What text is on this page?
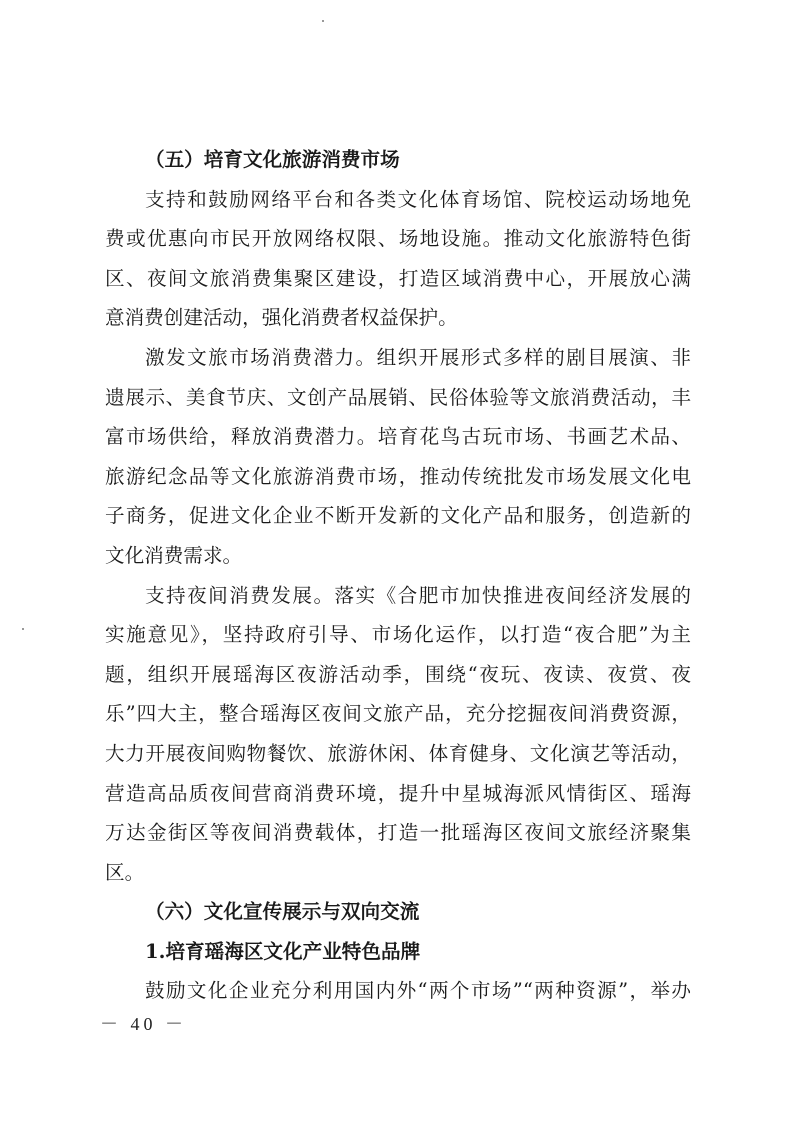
（五）培育文化旅游消费市场
支持和鼓励网络平台和各类文化体育场馆、院校运动场地免
费或优惠向市民开放网络权限、场地设施。推动文化旅游特色街
区、夜间文旅消费集聚区建设，打造区域消费中心，开展放心满
意消费创建活动，强化消费者权益保护。
激发文旅市场消费潜力。组织开展形式多样的剧目展演、非
遗展示、美食节庆、文创产品展销、民俗体验等文旅消费活动，丰
富市场供给，释放消费潜力。培育花鸟古玩市场、书画艺术品、
旅游纪念品等文化旅游消费市场，推动传统批发市场发展文化电
子商务，促进文化企业不断开发新的文化产品和服务，创造新的
文化消费需求。
支持夜间消费发展。落实《合肥市加快推进夜间经济发展的
实施意见》，坚持政府引导、市场化运作，以打造“夜合肥”为主
题，组织开展瑶海区夜游活动季，围绕“夜玩、夜读、夜赏、夜
乐”四大主，整合瑶海区夜间文旅产品，充分挖掘夜间消费资源，
大力开展夜间购物餐饮、旅游休闲、体育健身、文化演艺等活动，
营造高品质夜间营商消费环境，提升中星城海派风情街区、瑶海
万达金街区等夜间消费载体，打造一批瑶海区夜间文旅经济聚集
区。
（六）文化宣传展示与双向交流
1.培育瑶海区文化产业特色品牌
鼓励文化企业充分利用国内外“两个市场”“两种资源”，举办
－ 40 －
